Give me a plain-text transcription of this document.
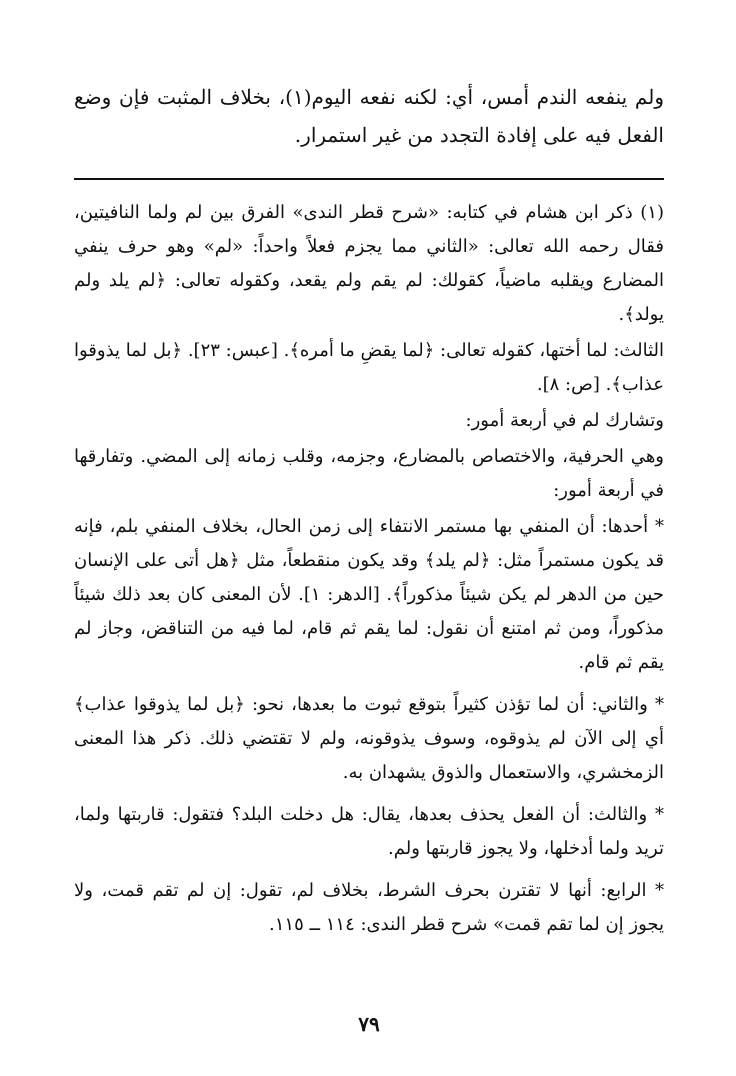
ولم ينفعه الندم أمس، أي: لكنه نفعه اليوم(١)، بخلاف المثبت فإن وضع الفعل فيه على إفادة التجدد من غير استمرار.

(١) ذكر ابن هشام في كتابه: «شرح قطر الندى» الفرق بين لم ولما النافيتين، فقال رحمه الله تعالى: «الثاني مما يجزم فعلاً واحداً: «لم» وهو حرف ينفي المضارع ويقلبه ماضياً، كقولك: لم يقم ولم يقعد، وكقوله تعالى: ﴿لم يلد ولم يولد﴾.

الثالث: لما أختها، كقوله تعالى: ﴿لما يقضِ ما أمره﴾. [عبس: ٢٣]. ﴿بل لما يذوقوا عذاب﴾. [ص: ٨].

وتشارك لم في أربعة أمور:

وهي الحرفية، والاختصاص بالمضارع، وجزمه، وقلب زمانه إلى المضي. وتفارقها في أربعة أمور:

* أحدها: أن المنفي بها مستمر الانتفاء إلى زمن الحال، بخلاف المنفي بلم، فإنه قد يكون مستمراً مثل: ﴿لم يلد﴾ وقد يكون منقطعاً، مثل ﴿هل أتى على الإنسان حين من الدهر لم يكن شيئاً مذكوراً﴾. [الدهر: ١]. لأن المعنى كان بعد ذلك شيئاً مذكوراً، ومن ثم امتنع أن نقول: لما يقم ثم قام، لما فيه من التناقض، وجاز لم يقم ثم قام.

* والثاني: أن لما تؤذن كثيراً بتوقع ثبوت ما بعدها، نحو: ﴿بل لما يذوقوا عذاب﴾ أي إلى الآن لم يذوقوه، وسوف يذوقونه، ولم لا تقتضي ذلك. ذكر هذا المعنى الزمخشري، والاستعمال والذوق يشهدان به.

* والثالث: أن الفعل يحذف بعدها، يقال: هل دخلت البلد؟ فتقول: قاربتها ولما، تريد ولما أدخلها، ولا يجوز قاربتها ولم.

* الرابع: أنها لا تقترن بحرف الشرط، بخلاف لم، تقول: إن لم تقم قمت، ولا يجوز إن لما تقم قمت» شرح قطر الندى: ١١٤ ــ ١١٥.

٧٩
